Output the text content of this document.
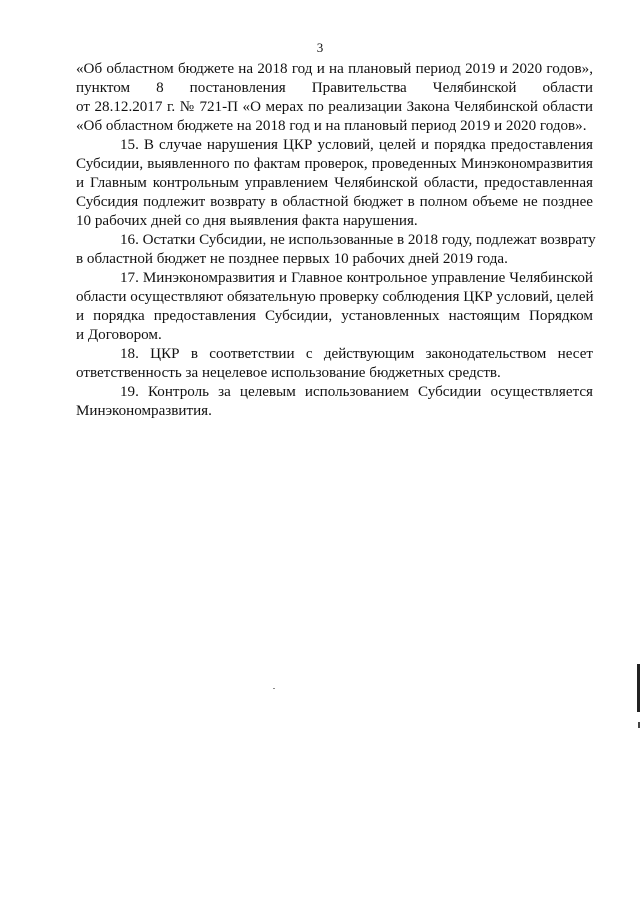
3
«Об областном бюджете на 2018 год и на плановый период 2019 и 2020 годов»,
пунктом 8 постановления Правительства Челябинской области
от 28.12.2017 г. № 721-П «О мерах по реализации Закона Челябинской области
«Об областном бюджете на 2018 год и на плановый период 2019 и 2020 годов».
15. В случае нарушения ЦКР условий, целей и порядка предоставления
Субсидии, выявленного по фактам проверок, проведенных Минэкономразвития
и Главным контрольным управлением Челябинской области, предоставленная
Субсидия подлежит возврату в областной бюджет в полном объеме не позднее
10 рабочих дней со дня выявления факта нарушения.
16. Остатки Субсидии, не использованные в 2018 году, подлежат возврату
в областной бюджет не позднее первых 10 рабочих дней 2019 года.
17. Минэкономразвития и Главное контрольное управление Челябинской
области осуществляют обязательную проверку соблюдения ЦКР условий, целей
и порядка предоставления Субсидии, установленных настоящим Порядком
и Договором.
18. ЦКР в соответствии с действующим законодательством несет
ответственность за нецелевое использование бюджетных средств.
19. Контроль за целевым использованием Субсидии осуществляется
Минэкономразвития.
